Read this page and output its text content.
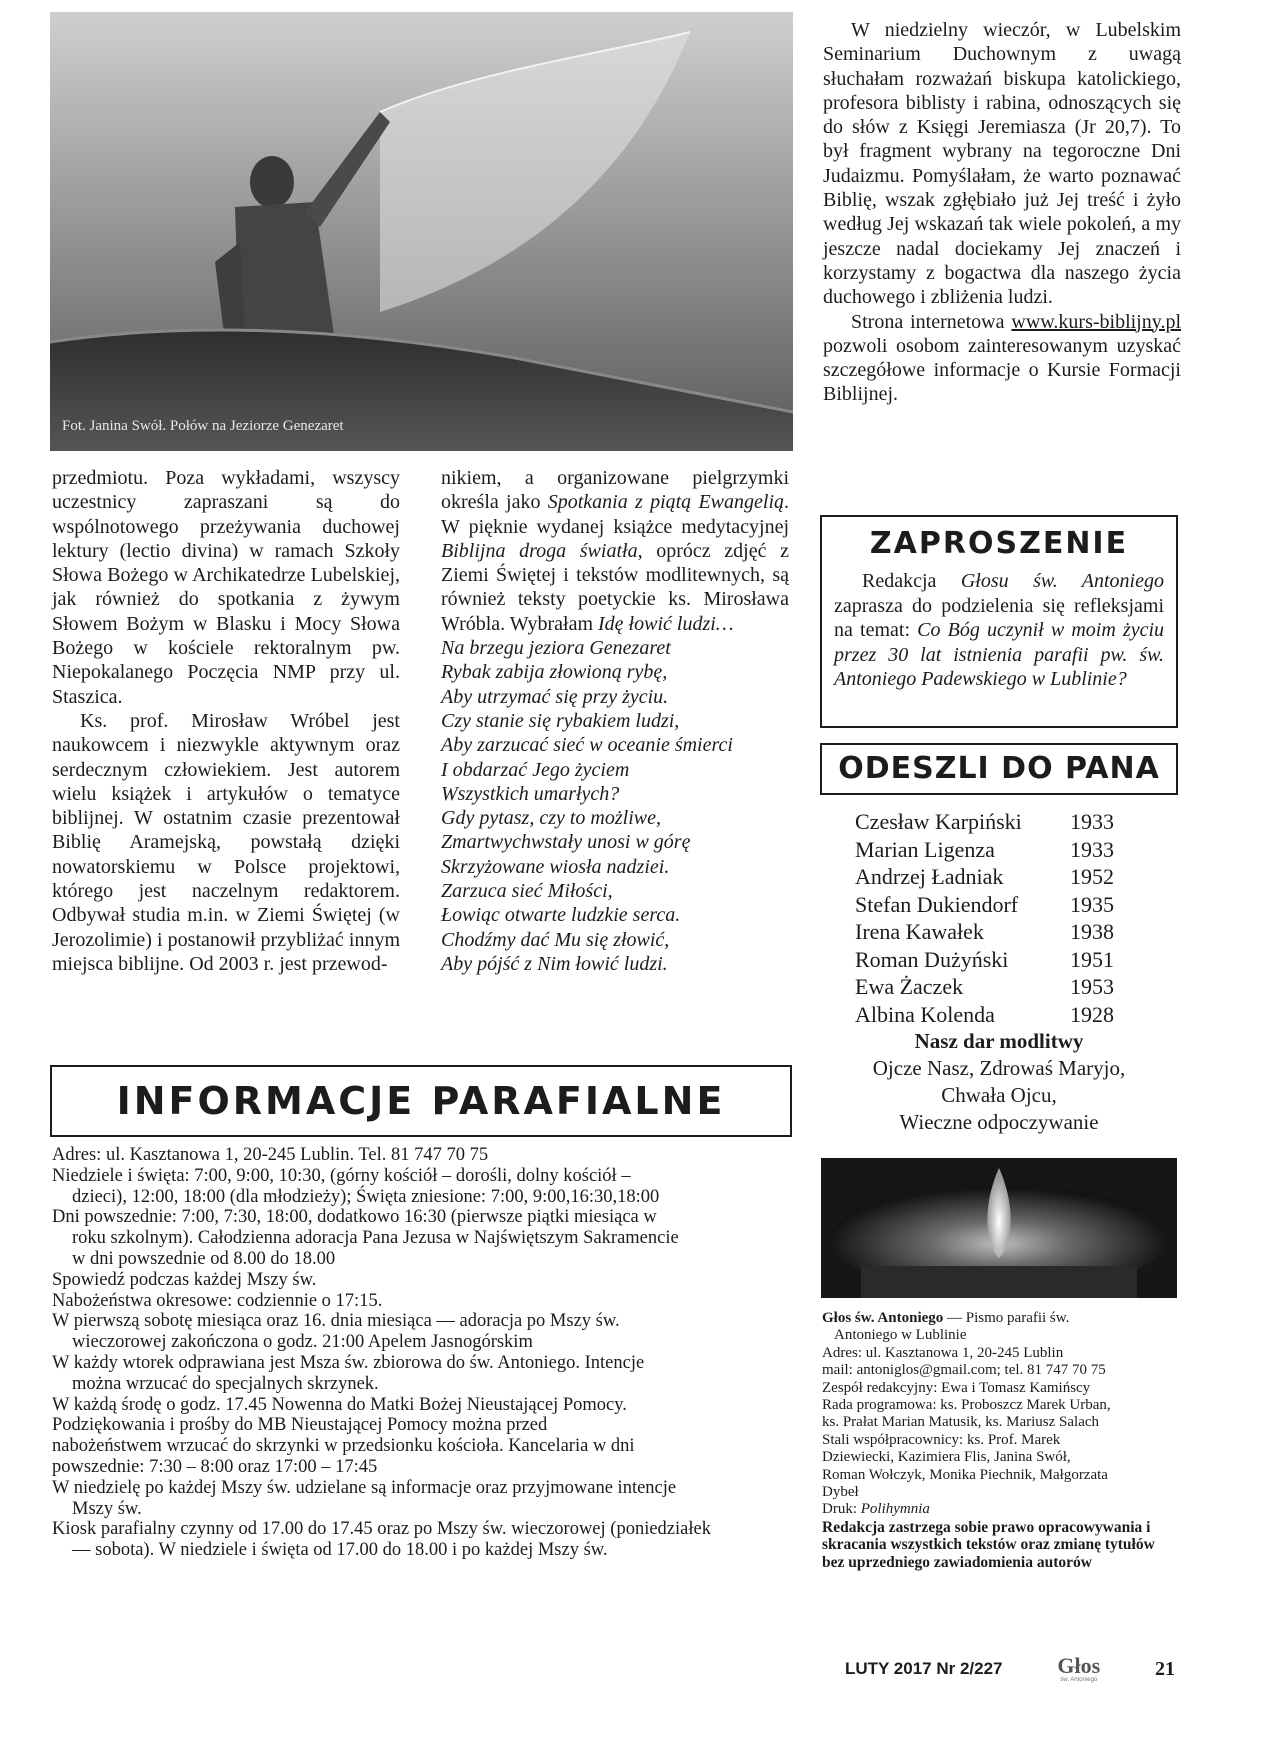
Fot. Janina Swół. Połów na Jeziorze Genezaret

W niedzielny wieczór, w Lubelskim Seminarium Duchownym z uwagą słuchałam rozważań biskupa katolickiego, profesora biblisty i rabina, odnoszących się do słów z Księgi Jeremiasza (Jr 20,7). To był fragment wybrany na tegoroczne Dni Judaizmu. Pomyślałam, że warto poznawać Biblię, wszak zgłębiało już Jej treść i żyło według Jej wskazań tak wiele pokoleń, a my jeszcze nadal dociekamy Jej znaczeń i korzystamy z bogactwa dla naszego życia duchowego i zbliżenia ludzi.

Strona internetowa www.kurs-biblijny.pl pozwoli osobom zainteresowanym uzyskać szczegółowe informacje o Kursie Formacji Biblijnej.

przedmiotu. Poza wykładami, wszyscy uczestnicy zapraszani są do wspólnotowego przeżywania duchowej lektury (lectio divina) w ramach Szkoły Słowa Bożego w Archikatedrze Lubelskiej, jak również do spotkania z żywym Słowem Bożym w Blasku i Mocy Słowa Bożego w kościele rektoralnym pw. Niepokalanego Poczęcia NMP przy ul. Staszica.

Ks. prof. Mirosław Wróbel jest naukowcem i niezwykle aktywnym oraz serdecznym człowiekiem. Jest autorem wielu książek i artykułów o tematyce biblijnej. W ostatnim czasie prezentował Biblię Aramejską, powstałą dzięki nowatorskiemu w Polsce projektowi, którego jest naczelnym redaktorem. Odbywał studia m.in. w Ziemi Świętej (w Jerozolimie) i postanowił przybliżać innym miejsca biblijne. Od 2003 r. jest przewod-

nikiem, a organizowane pielgrzymki określa jako Spotkania z piątą Ewangelią. W pięknie wydanej książce medytacyjnej Biblijna droga światła, oprócz zdjęć z Ziemi Świętej i tekstów modlitewnych, są również teksty poetyckie ks. Mirosława Wróbla. Wybrałam Idę łowić ludzi…

Na brzegu jeziora Genezaret
Rybak zabija złowioną rybę,
Aby utrzymać się przy życiu.
Czy stanie się rybakiem ludzi,
Aby zarzucać sieć w oceanie śmierci
I obdarzać Jego życiem
Wszystkich umarłych?
Gdy pytasz, czy to możliwe,
Zmartwychwstały unosi w górę
Skrzyżowane wiosła nadziei.
Zarzuca sieć Miłości,
Łowiąc otwarte ludzkie serca.
Chodźmy dać Mu się złowić,
Aby pójść z Nim łowić ludzi.
ZAPROSZENIE
Redakcja Głosu św. Antoniego zaprasza do podzielenia się refleksjami na temat: Co Bóg uczynił w moim życiu przez 30 lat istnienia parafii pw. św. Antoniego Padewskiego w Lublinie?
ODESZLI DO PANA
Czesław Karpiński	1933
Marian Ligenza	1933
Andrzej Ładniak	1952
Stefan Dukiendorf	1935
Irena Kawałek	1938
Roman Dużyński	1951
Ewa Żaczek	1953
Albina Kolenda	1928
Nasz dar modlitwy
Ojcze Nasz, Zdrowaś Maryjo,
Chwała Ojcu,
Wieczne odpoczywanie
Głos św. Antoniego — Pismo parafii św.
Antoniego w Lublinie
Adres: ul. Kasztanowa 1, 20-245 Lublin
mail: antoniglos@gmail.com; tel. 81 747 70 75
Zespół redakcyjny: Ewa i Tomasz Kamińscy
Rada programowa: ks. Proboszcz Marek Urban,
ks. Prałat Marian Matusik, ks. Mariusz Salach
Stali współpracownicy: ks. Prof. Marek
Dziewiecki, Kazimiera Flis, Janina Swół,
Roman Wołczyk, Monika Piechnik, Małgorzata
Dybeł
Druk: Polihymnia
Redakcja zastrzega sobie prawo opracowywania i skracania wszystkich tekstów oraz zmianę tytułów bez uprzedniego zawiadomienia autorów
INFORMACJE PARAFIALNE
Adres: ul. Kasztanowa 1, 20-245 Lublin. Tel. 81 747 70 75
Niedziele i święta: 7:00, 9:00, 10:30, (górny kościół – dorośli, dolny kościół –
dzieci), 12:00, 18:00 (dla młodzieży); Święta zniesione: 7:00, 9:00,16:30,18:00
Dni powszednie: 7:00, 7:30, 18:00, dodatkowo 16:30 (pierwsze piątki miesiąca w
roku szkolnym). Całodzienna adoracja Pana Jezusa w Najświętszym Sakramencie
w dni powszednie od 8.00 do 18.00
Spowiedź podczas każdej Mszy św.
Nabożeństwa okresowe: codziennie o 17:15.
W pierwszą sobotę miesiąca oraz 16. dnia miesiąca — adoracja po Mszy św.
wieczorowej zakończona o godz. 21:00 Apelem Jasnogórskim
W każdy wtorek odprawiana jest Msza św. zbiorowa do św. Antoniego. Intencje
można wrzucać do specjalnych skrzynek.
W każdą środę o godz. 17.45 Nowenna do Matki Bożej Nieustającej Pomocy.
Podziękowania i prośby do MB Nieustającej Pomocy można przed
nabożeństwem wrzucać do skrzynki w przedsionku kościoła. Kancelaria w dni
powszednie: 7:30 – 8:00 oraz 17:00 – 17:45
W niedzielę po każdej Mszy św. udzielane są informacje oraz przyjmowane intencje
Mszy św.
Kiosk parafialny czynny od 17.00 do 17.45 oraz po Mszy św. wieczorowej (poniedziałek
— sobota). W niedziele i święta od 17.00 do 18.00 i po każdej Mszy św.
LUTY 2017 Nr 2/227 Głos
św. Antoniego
21
